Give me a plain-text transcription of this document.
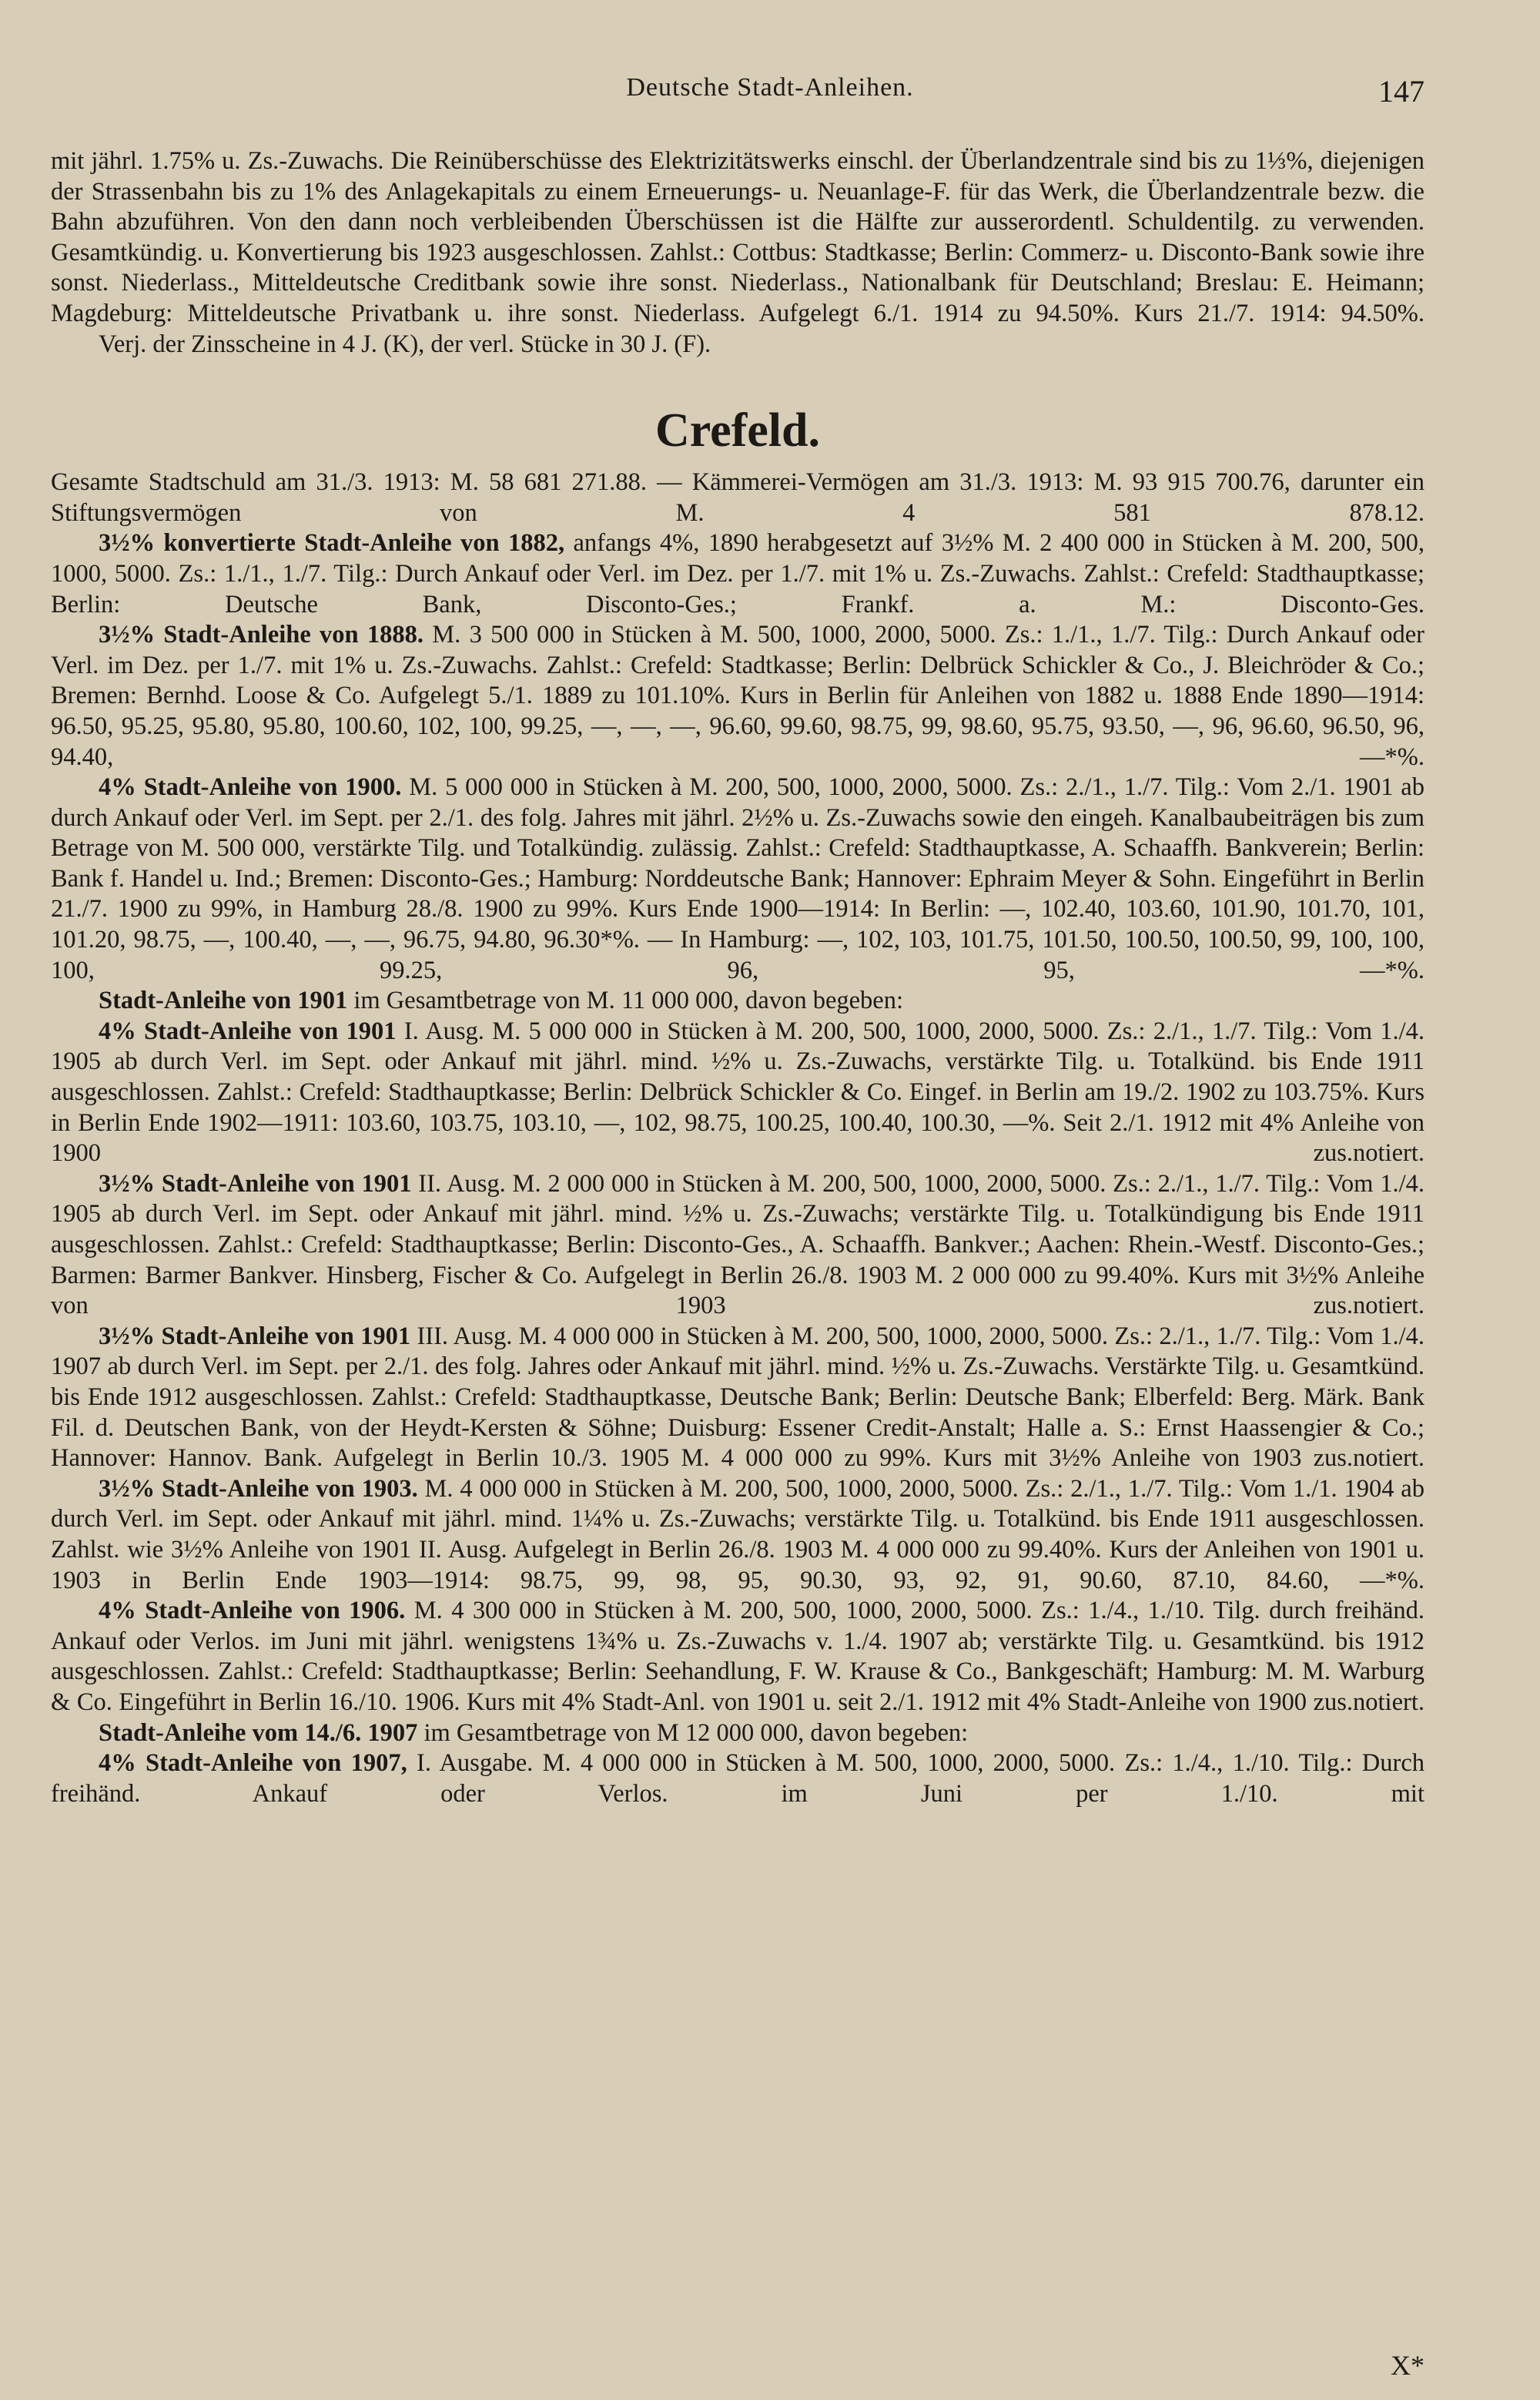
Deutsche Stadt-Anleihen.	147

mit jährl. 1.75% u. Zs.-Zuwachs. Die Reinüberschüsse des Elektrizitätswerks einschl. der Überlandzentrale sind bis zu 1⅓%, diejenigen der Strassenbahn bis zu 1% des Anlagekapitals zu einem Erneuerungs- u. Neuanlage-F. für das Werk, die Überlandzentrale bezw. die Bahn abzuführen. Von den dann noch verbleibenden Überschüssen ist die Hälfte zur ausserordentl. Schuldentilg. zu verwenden. Gesamtkündig. u. Konvertierung bis 1923 ausgeschlossen. Zahlst.: Cottbus: Stadtkasse; Berlin: Commerz- u. Disconto-Bank sowie ihre sonst. Niederlass., Mitteldeutsche Creditbank sowie ihre sonst. Niederlass., Nationalbank für Deutschland; Breslau: E. Heimann; Magdeburg: Mitteldeutsche Privatbank u. ihre sonst. Niederlass. Aufgelegt 6./1. 1914 zu 94.50%. Kurs 21./7. 1914: 94.50%.

Verj. der Zinsscheine in 4 J. (K), der verl. Stücke in 30 J. (F).

Crefeld.

Gesamte Stadtschuld am 31./3. 1913: M. 58 681 271.88. — Kämmerei-Vermögen am 31./3. 1913: M. 93 915 700.76, darunter ein Stiftungsvermögen von M. 4 581 878.12.

3½% konvertierte Stadt-Anleihe von 1882, anfangs 4%, 1890 herabgesetzt auf 3½% M. 2 400 000 in Stücken à M. 200, 500, 1000, 5000. Zs.: 1./1., 1./7. Tilg.: Durch Ankauf oder Verl. im Dez. per 1./7. mit 1% u. Zs.-Zuwachs. Zahlst.: Crefeld: Stadthauptkasse; Berlin: Deutsche Bank, Disconto-Ges.; Frankf. a. M.: Disconto-Ges.

3½% Stadt-Anleihe von 1888. M. 3 500 000 in Stücken à M. 500, 1000, 2000, 5000. Zs.: 1./1., 1./7. Tilg.: Durch Ankauf oder Verl. im Dez. per 1./7. mit 1% u. Zs.-Zuwachs. Zahlst.: Crefeld: Stadtkasse; Berlin: Delbrück Schickler & Co., J. Bleichröder & Co.; Bremen: Bernhd. Loose & Co. Aufgelegt 5./1. 1889 zu 101.10%. Kurs in Berlin für Anleihen von 1882 u. 1888 Ende 1890—1914: 96.50, 95.25, 95.80, 95.80, 100.60, 102, 100, 99.25, —, —, —, 96.60, 99.60, 98.75, 99, 98.60, 95.75, 93.50, —, 96, 96.60, 96.50, 96, 94.40, —*%.

4% Stadt-Anleihe von 1900. M. 5 000 000 in Stücken à M. 200, 500, 1000, 2000, 5000. Zs.: 2./1., 1./7. Tilg.: Vom 2./1. 1901 ab durch Ankauf oder Verl. im Sept. per 2./1. des folg. Jahres mit jährl. 2½% u. Zs.-Zuwachs sowie den eingeh. Kanalbaubeiträgen bis zum Betrage von M. 500 000, verstärkte Tilg. und Totalkündig. zulässig. Zahlst.: Crefeld: Stadthauptkasse, A. Schaaffh. Bankverein; Berlin: Bank f. Handel u. Ind.; Bremen: Disconto-Ges.; Hamburg: Norddeutsche Bank; Hannover: Ephraim Meyer & Sohn. Eingeführt in Berlin 21./7. 1900 zu 99%, in Hamburg 28./8. 1900 zu 99%. Kurs Ende 1900—1914: In Berlin: —, 102.40, 103.60, 101.90, 101.70, 101, 101.20, 98.75, —, 100.40, —, —, 96.75, 94.80, 96.30*%. — In Hamburg: —, 102, 103, 101.75, 101.50, 100.50, 100.50, 99, 100, 100, 100, 99.25, 96, 95, —*%.

Stadt-Anleihe von 1901 im Gesamtbetrage von M. 11 000 000, davon begeben:

4% Stadt-Anleihe von 1901 I. Ausg. M. 5 000 000 in Stücken à M. 200, 500, 1000, 2000, 5000. Zs.: 2./1., 1./7. Tilg.: Vom 1./4. 1905 ab durch Verl. im Sept. oder Ankauf mit jährl. mind. ½% u. Zs.-Zuwachs, verstärkte Tilg. u. Totalkünd. bis Ende 1911 ausgeschlossen. Zahlst.: Crefeld: Stadthauptkasse; Berlin: Delbrück Schickler & Co. Eingef. in Berlin am 19./2. 1902 zu 103.75%. Kurs in Berlin Ende 1902—1911: 103.60, 103.75, 103.10, —, 102, 98.75, 100.25, 100.40, 100.30, —%. Seit 2./1. 1912 mit 4% Anleihe von 1900 zus.notiert.

3½% Stadt-Anleihe von 1901 II. Ausg. M. 2 000 000 in Stücken à M. 200, 500, 1000, 2000, 5000. Zs.: 2./1., 1./7. Tilg.: Vom 1./4. 1905 ab durch Verl. im Sept. oder Ankauf mit jährl. mind. ½% u. Zs.-Zuwachs; verstärkte Tilg. u. Totalkündigung bis Ende 1911 ausgeschlossen. Zahlst.: Crefeld: Stadthauptkasse; Berlin: Disconto-Ges., A. Schaaffh. Bankver.; Aachen: Rhein.-Westf. Disconto-Ges.; Barmen: Barmer Bankver. Hinsberg, Fischer & Co. Aufgelegt in Berlin 26./8. 1903 M. 2 000 000 zu 99.40%. Kurs mit 3½% Anleihe von 1903 zus.notiert.

3½% Stadt-Anleihe von 1901 III. Ausg. M. 4 000 000 in Stücken à M. 200, 500, 1000, 2000, 5000. Zs.: 2./1., 1./7. Tilg.: Vom 1./4. 1907 ab durch Verl. im Sept. per 2./1. des folg. Jahres oder Ankauf mit jährl. mind. ½% u. Zs.-Zuwachs. Verstärkte Tilg. u. Gesamtkünd. bis Ende 1912 ausgeschlossen. Zahlst.: Crefeld: Stadthauptkasse, Deutsche Bank; Berlin: Deutsche Bank; Elberfeld: Berg. Märk. Bank Fil. d. Deutschen Bank, von der Heydt-Kersten & Söhne; Duisburg: Essener Credit-Anstalt; Halle a. S.: Ernst Haassengier & Co.; Hannover: Hannov. Bank. Aufgelegt in Berlin 10./3. 1905 M. 4 000 000 zu 99%. Kurs mit 3½% Anleihe von 1903 zus.notiert.

3½% Stadt-Anleihe von 1903. M. 4 000 000 in Stücken à M. 200, 500, 1000, 2000, 5000. Zs.: 2./1., 1./7. Tilg.: Vom 1./1. 1904 ab durch Verl. im Sept. oder Ankauf mit jährl. mind. 1¼% u. Zs.-Zuwachs; verstärkte Tilg. u. Totalkünd. bis Ende 1911 ausgeschlossen. Zahlst. wie 3½% Anleihe von 1901 II. Ausg. Aufgelegt in Berlin 26./8. 1903 M. 4 000 000 zu 99.40%. Kurs der Anleihen von 1901 u. 1903 in Berlin Ende 1903—1914: 98.75, 99, 98, 95, 90.30, 93, 92, 91, 90.60, 87.10, 84.60, —*%.

4% Stadt-Anleihe von 1906. M. 4 300 000 in Stücken à M. 200, 500, 1000, 2000, 5000. Zs.: 1./4., 1./10. Tilg. durch freihänd. Ankauf oder Verlos. im Juni mit jährl. wenigstens 1¾% u. Zs.-Zuwachs v. 1./4. 1907 ab; verstärkte Tilg. u. Gesamtkünd. bis 1912 ausgeschlossen. Zahlst.: Crefeld: Stadthauptkasse; Berlin: Seehandlung, F. W. Krause & Co., Bankgeschäft; Hamburg: M. M. Warburg & Co. Eingeführt in Berlin 16./10. 1906. Kurs mit 4% Stadt-Anl. von 1901 u. seit 2./1. 1912 mit 4% Stadt-Anleihe von 1900 zus.notiert.

Stadt-Anleihe vom 14./6. 1907 im Gesamtbetrage von M 12 000 000, davon begeben:

4% Stadt-Anleihe von 1907, I. Ausgabe. M. 4 000 000 in Stücken à M. 500, 1000, 2000, 5000. Zs.: 1./4., 1./10. Tilg.: Durch freihänd. Ankauf oder Verlos. im Juni per 1./10. mit

X*
